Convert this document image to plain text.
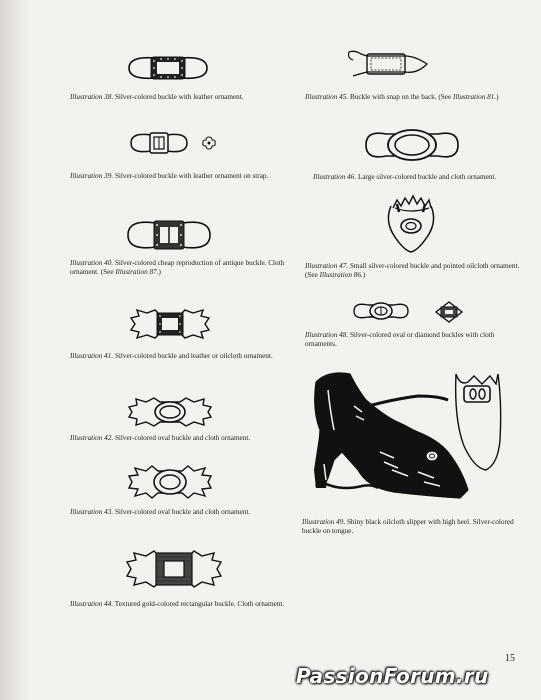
Illustration 38. Silver-colored buckle with leather ornament.
Illustration 39. Silver-colored buckle with leather ornament on strap.
Illustration 40. Silver-colored cheap reproduction of antique buckle. Cloth ornament. (See Illustration 87.)
Illustration 41. Silver-colored buckle and leather or oilcloth ornament.
Illustration 42. Silver-colored oval buckle and cloth ornament.
Illustration 43. Silver-colored oval buckle and cloth ornament.
Illustration 44. Textured gold-colored rectangular buckle. Cloth ornament.
Illustration 45. Buckle with snap on the back. (See Illustration 81.)
Illustration 46. Large silver-colored buckle and cloth ornament.
Illustration 47. Small silver-colored buckle and pointed oilcloth ornament. (See Illustration 86.)
Illustration 48. Silver-colored oval or diamond buckles with cloth ornaments.
Illustration 49. Shiny black oilcloth slipper with high heel. Silver-colored buckle on tongue.
15
PassionForum.ru
